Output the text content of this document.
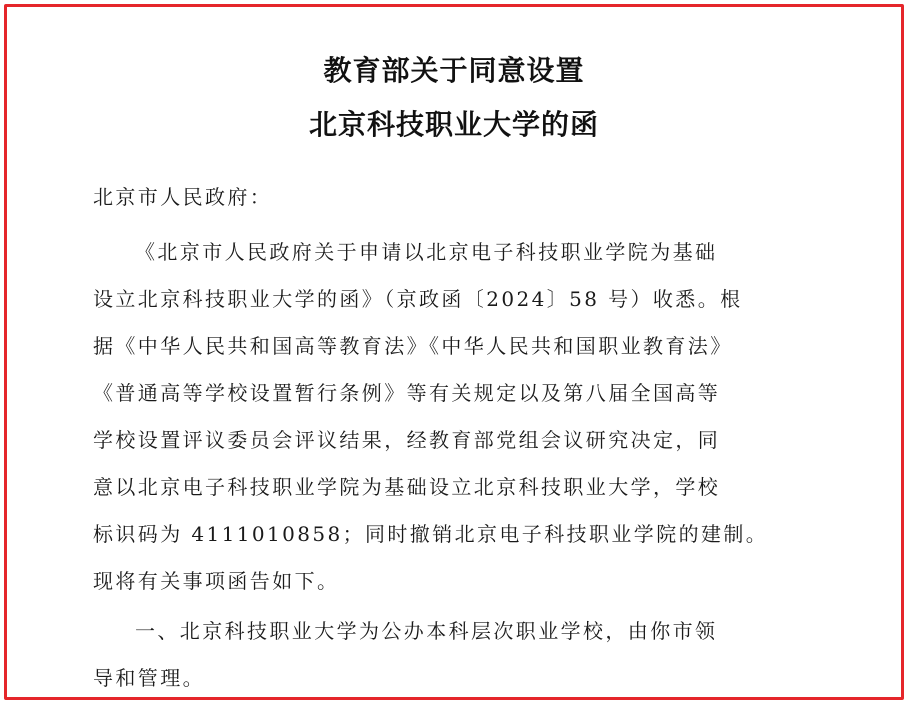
教育部关于同意设置
北京科技职业大学的函
北京市人民政府：
《北京市人民政府关于申请以北京电子科技职业学院为基础
设立北京科技职业大学的函》（京政函〔2024〕58 号）收悉。根
据《中华人民共和国高等教育法》《中华人民共和国职业教育法》
《普通高等学校设置暂行条例》等有关规定以及第八届全国高等
学校设置评议委员会评议结果，经教育部党组会议研究决定，同
意以北京电子科技职业学院为基础设立北京科技职业大学，学校
标识码为 4111010858；同时撤销北京电子科技职业学院的建制。
现将有关事项函告如下。
一、北京科技职业大学为公办本科层次职业学校，由你市领
导和管理。
